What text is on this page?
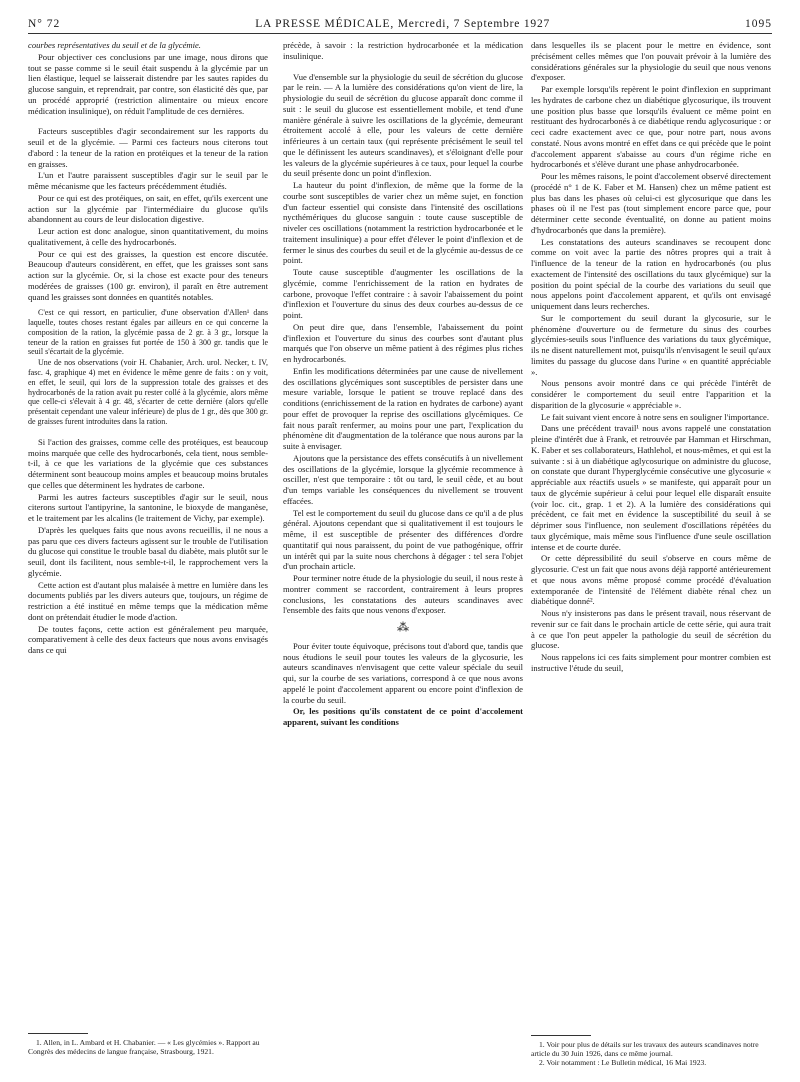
N° 72	LA PRESSE MÉDICALE, Mercredi, 7 Septembre 1927	1095

courbes représentatives du seuil et de la glycémie.

Pour objectiver ces conclusions par une image, nous dirons que tout se passe comme si le seuil était suspendu à la glycémie par un lien élastique, lequel se laisserait distendre par les sautes rapides du glucose sanguin, et reprendrait, par contre, son élasticité dès que, par un procédé approprié (restriction alimentaire ou mieux encore médication insulinique), on réduit l'amplitude de ces dernières.

Facteurs susceptibles d'agir secondairement sur les rapports du seuil et de la glycémie. — Parmi ces facteurs nous citerons tout d'abord : la teneur de la ration en protéiques et la teneur de la ration en graisses.

L'un et l'autre paraissent susceptibles d'agir sur le seuil par le même mécanisme que les facteurs précédemment étudiés.

Pour ce qui est des protéiques, on sait, en effet, qu'ils exercent une action sur la glycémie par l'intermédiaire du glucose qu'ils abandonnent au cours de leur dislocation digestive.

Leur action est donc analogue, sinon quantitativement, du moins qualitativement, à celle des hydrocarbonés.

Pour ce qui est des graisses, la question est encore discutée. Beaucoup d'auteurs considèrent, en effet, que les graisses sont sans action sur la glycémie. Or, si la chose est exacte pour des teneurs modérées de graisses (100 gr. environ), il paraît en être autrement quand les graisses sont données en quantités notables.

C'est ce qui ressort, en particulier, d'une observation d'Allen¹ dans laquelle, toutes choses restant égales par ailleurs en ce qui concerne la composition de la ration, la glycémie passa de 2 gr. à 3 gr., lorsque la teneur de la ration en graisses fut portée de 150 à 300 gr. tandis que le seuil s'écartait de la glycémie.

Une de nos observations (voir H. Chabanier, Arch. urol. Necker, t. IV, fasc. 4, graphique 4) met en évidence le même genre de faits : on y voit, en effet, le seuil, qui lors de la suppression totale des graisses et des hydrocarbonés de la ration avait pu rester collé à la glycémie, alors même que celle-ci s'élevait à 4 gr. 48, s'écarter de cette dernière (alors qu'elle présentait cependant une valeur inférieure) de plus de 1 gr., dès que 300 gr. de graisses furent introduites dans la ration.

Si l'action des graisses, comme celle des protéiques, est beaucoup moins marquée que celle des hydrocarbonés, cela tient, nous semble-t-il, à ce que les variations de la glycémie que ces substances déterminent sont beaucoup moins amples et beaucoup moins brutales que celles que déterminent les hydrates de carbone.

Parmi les autres facteurs susceptibles d'agir sur le seuil, nous citerons surtout l'antipyrine, la santonine, le bioxyde de manganèse, et le traitement par les alcalins (le traitement de Vichy, par exemple).

D'après les quelques faits que nous avons recueillis, il ne nous a pas paru que ces divers facteurs agissent sur le trouble de l'utilisation du glucose qui constitue le trouble basal du diabète, mais plutôt sur le seuil, dont ils facilitent, nous semble-t-il, le rapprochement vers la glycémie.

Cette action est d'autant plus malaisée à mettre en lumière dans les documents publiés par les divers auteurs que, toujours, un régime de restriction a été institué en même temps que la médication même dont on prétendait étudier le mode d'action.

De toutes façons, cette action est généralement peu marquée, comparativement à celle des deux facteurs que nous avons envisagés dans ce qui

précède, à savoir : la restriction hydrocarbonée et la médication insulinique.

Vue d'ensemble sur la physiologie du seuil de sécrétion du glucose par le rein. — A la lumière des considérations qu'on vient de lire, la physiologie du seuil de sécrétion du glucose apparaît donc comme il suit : le seuil du glucose est essentiellement mobile, et tend d'une manière générale à suivre les oscillations de la glycémie, demeurant étroitement accolé à elle, pour les valeurs de cette dernière inférieures à un certain taux (qui représente précisément le seuil tel que le définissent les auteurs scandinaves), et s'éloignant d'elle pour les valeurs de la glycémie supérieures à ce taux, pour lequel la courbe du seuil présente donc un point d'inflexion.

La hauteur du point d'inflexion, de même que la forme de la courbe sont susceptibles de varier chez un même sujet, en fonction d'un facteur essentiel qui consiste dans l'intensité des oscillations nycthémériques du glucose sanguin : toute cause susceptible de niveler ces oscillations (notamment la restriction hydrocarbonée et le traitement insulinique) a pour effet d'élever le point d'inflexion et de fermer le sinus des courbes du seuil et de la glycémie au-dessus de ce point.

Toute cause susceptible d'augmenter les oscillations de la glycémie, comme l'enrichissement de la ration en hydrates de carbone, provoque l'effet contraire : à savoir l'abaissement du point d'inflexion et l'ouverture du sinus des deux courbes au-dessus de ce point.

On peut dire que, dans l'ensemble, l'abaissement du point d'inflexion et l'ouverture du sinus des courbes sont d'autant plus marqués que l'on observe un même patient à des régimes plus riches en hydrocarbonés.

Enfin les modifications déterminées par une cause de nivellement des oscillations glycémiques sont susceptibles de persister dans une mesure variable, lorsque le patient se trouve replacé dans des conditions (enrichissement de la ration en hydrates de carbone) ayant pour effet de provoquer la reprise des oscillations glycémiques. Ce fait nous paraît renfermer, au moins pour une part, l'explication du phénomène dit d'augmentation de la tolérance que nous aurons par la suite à envisager.

Ajoutons que la persistance des effets consécutifs à un nivellement des oscillations de la glycémie, lorsque la glycémie recommence à osciller, n'est que temporaire : tôt ou tard, le seuil cède, et au bout d'un temps variable les conséquences du nivellement se trouvent effacées.

Tel est le comportement du seuil du glucose dans ce qu'il a de plus général. Ajoutons cependant que si qualitativement il est toujours le même, il est susceptible de présenter des différences d'ordre quantitatif qui nous paraissent, du point de vue pathogénique, offrir un intérêt qui par la suite nous cherchons à dégager : tel sera l'objet d'un prochain article.

Pour terminer notre étude de la physiologie du seuil, il nous reste à montrer comment se raccordent, contrairement à leurs propres conclusions, les constatations des auteurs scandinaves avec l'ensemble des faits que nous venons d'exposer.

⁂

Pour éviter toute équivoque, précisons tout d'abord que, tandis que nous étudions le seuil pour toutes les valeurs de la glycosurie, les auteurs scandinaves n'envisagent que cette valeur spéciale du seuil qui, sur la courbe de ses variations, correspond à ce que nous avons appelé le point d'accolement apparent ou encore point d'inflexion de la courbe du seuil.

Or, les positions qu'ils constatent de ce point d'accolement apparent, suivant les conditions

dans lesquelles ils se placent pour le mettre en évidence, sont précisément celles mêmes que l'on pouvait prévoir à la lumière des considérations générales sur la physiologie du seuil que nous venons d'exposer.

Par exemple lorsqu'ils repèrent le point d'inflexion en supprimant les hydrates de carbone chez un diabétique glycosurique, ils trouvent une position plus basse que lorsqu'ils évaluent ce même point en restituant des hydrocarbonés à ce diabétique rendu aglycosurique : or ceci cadre exactement avec ce que, pour notre part, nous avons constaté. Nous avons montré en effet dans ce qui précède que le point d'accolement apparent s'abaisse au cours d'un régime riche en hydrocarbonés et s'élève durant une phase anhydrocarbonée.

Pour les mêmes raisons, le point d'accolement observé directement (procédé n° 1 de K. Faber et M. Hansen) chez un même patient est plus bas dans les phases où celui-ci est glycosurique que dans les phases où il ne l'est pas (tout simplement encore parce que, pour déterminer cette seconde éventualité, on donne au patient moins d'hydrocarbonés que dans la première).

Les constatations des auteurs scandinaves se recoupent donc comme on voit avec la partie des nôtres propres qui a trait à l'influence de la teneur de la ration en hydrocarbonés (ou plus exactement de l'intensité des oscillations du taux glycémique) sur la position du point spécial de la courbe des variations du seuil que nous appelons point d'accolement apparent, et qu'ils ont envisagé uniquement dans leurs recherches.

Sur le comportement du seuil durant la glycosurie, sur le phénomène d'ouverture ou de fermeture du sinus des courbes glycémies-seuils sous l'influence des variations du taux glycémique, ils ne disent naturellement mot, puisqu'ils n'envisagent le seuil qu'aux limites du passage du glucose dans l'urine « en quantité appréciable ».

Nous pensons avoir montré dans ce qui précède l'intérêt de considérer le comportement du seuil entre l'apparition et la disparition de la glycosurie « appréciable ».

Le fait suivant vient encore à notre sens en souligner l'importance.

Dans une précédent travail¹ nous avons rappelé une constatation pleine d'intérêt due à Frank, et retrouvée par Hamman et Hirschman, K. Faber et ses collaborateurs, Hathlehol, et nous-mêmes, et qui est la suivante : si à un diabétique aglycosurique on administre du glucose, on constate que durant l'hyperglycémie consécutive une glycosurie « appréciable aux réactifs usuels » se manifeste, qui apparaît pour un taux de glycémie supérieur à celui pour lequel elle disparaît ensuite (voir loc. cit., grap. 1 et 2). A la lumière des considérations qui précèdent, ce fait met en évidence la susceptibilité du seuil à se déprimer sous l'influence, non seulement d'oscillations répétées du taux glycémique, mais même sous l'influence d'une seule oscillation intense et de courte durée.

Or cette dépressibilité du seuil s'observe en cours même de glycosurie. C'est un fait que nous avons déjà rapporté antérieurement et que nous avons même proposé comme procédé d'évaluation extemporanée de l'intensité de l'élément diabète rénal chez un diabétique donné².

Nous n'y insisterons pas dans le présent travail, nous réservant de revenir sur ce fait dans le prochain article de cette série, qui aura trait à ce que l'on peut appeler la pathologie du seuil de sécrétion du glucose.

Nous rappelons ici ces faits simplement pour montrer combien est instructive l'étude du seuil,

1. Allen, in L. Ambard et H. Chabanier. — « Les glycémies ». Rapport au Congrès des médecins de langue française, Strasbourg, 1921.

1. Voir pour plus de détails sur les travaux des auteurs scandinaves notre article du 30 Juin 1926, dans ce même journal.

2. Voir notamment : Le Bulletin médical, 16 Mai 1923.
